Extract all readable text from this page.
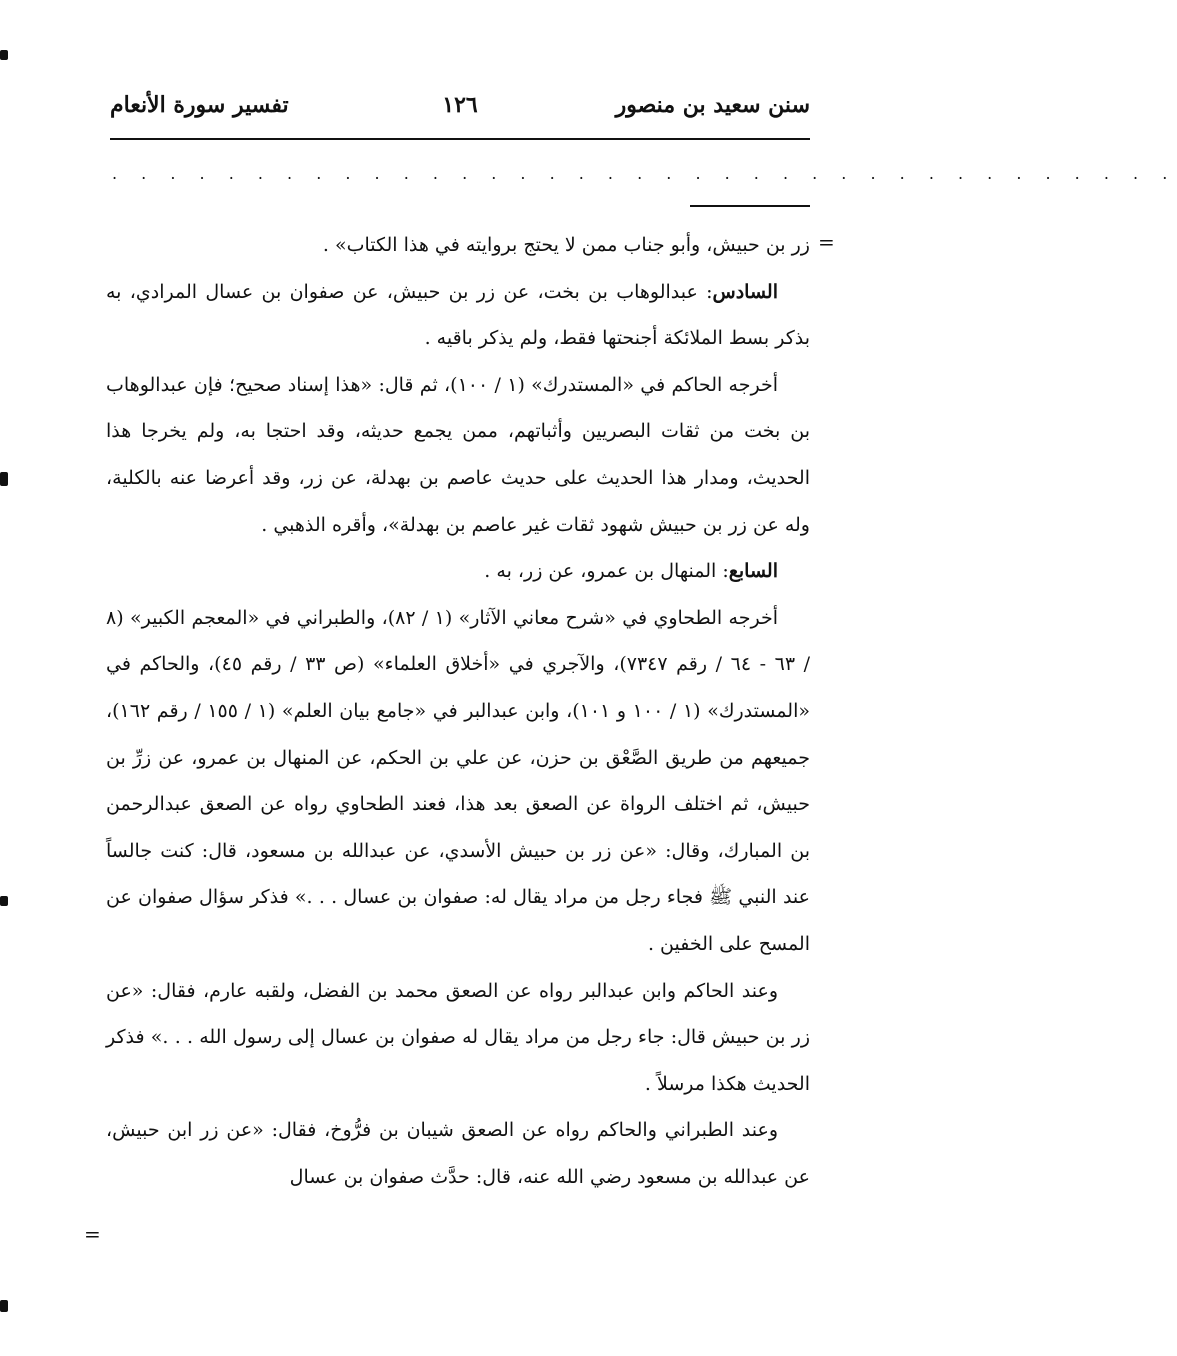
سنن سعيد بن منصور
١٢٦
تفسير سورة الأنعام
. . . . . . . . . . . . . . . . . . . . . . . . . . . . . . . . . . . . .
=

زر بن حبيش، وأبو جناب ممن لا يحتج بروايته في هذا الكتاب» .

السادس: عبدالوهاب بن بخت، عن زر بن حبيش، عن صفوان بن عسال المرادي، به بذكر بسط الملائكة أجنحتها فقط، ولم يذكر باقيه .

أخرجه الحاكم في «المستدرك» (١ / ١٠٠)، ثم قال: «هذا إسناد صحيح؛ فإن عبدالوهاب بن بخت من ثقات البصريين وأثباتهم، ممن يجمع حديثه، وقد احتجا به، ولم يخرجا هذا الحديث، ومدار هذا الحديث على حديث عاصم بن بهدلة، عن زر، وقد أعرضا عنه بالكلية، وله عن زر بن حبيش شهود ثقات غير عاصم بن بهدلة»، وأقره الذهبي .

السابع: المنهال بن عمرو، عن زر، به .

أخرجه الطحاوي في «شرح معاني الآثار» (١ / ٨٢)، والطبراني في «المعجم الكبير» (٨ / ٦٣ - ٦٤ / رقم ٧٣٤٧)، والآجري في «أخلاق العلماء» (ص ٣٣ / رقم ٤٥)، والحاكم في «المستدرك» (١ / ١٠٠ و ١٠١)، وابن عبدالبر في «جامع بيان العلم» (١ / ١٥٥ / رقم ١٦٢)، جميعهم من طريق الصَّعْق بن حزن، عن علي بن الحكم، عن المنهال بن عمرو، عن زرِّ بن حبيش، ثم اختلف الرواة عن الصعق بعد هذا، فعند الطحاوي رواه عن الصعق عبدالرحمن بن المبارك، وقال: «عن زر بن حبيش الأسدي، عن عبدالله بن مسعود، قال: كنت جالساً عند النبي ﷺ فجاء رجل من مراد يقال له: صفوان بن عسال . . .» فذكر سؤال صفوان عن المسح على الخفين .

وعند الحاكم وابن عبدالبر رواه عن الصعق محمد بن الفضل، ولقبه عارم، فقال: «عن زر بن حبيش قال: جاء رجل من مراد يقال له صفوان بن عسال إلى رسول الله . . .» فذكر الحديث هكذا مرسلاً .

وعند الطبراني والحاكم رواه عن الصعق شيبان بن فرُّوخ، فقال: «عن زر ابن حبيش، عن عبدالله بن مسعود رضي الله عنه، قال: حدَّث صفوان بن عسال

=
